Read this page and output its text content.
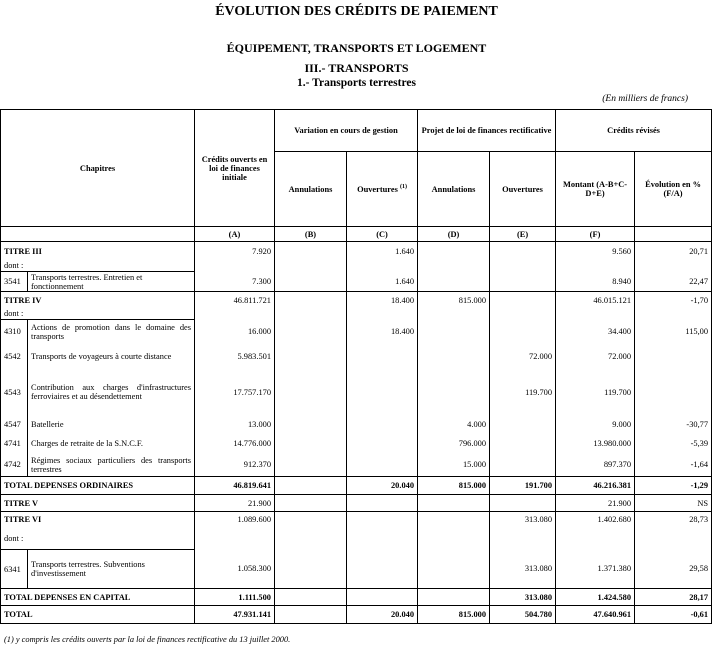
ÉVOLUTION DES CRÉDITS DE PAIEMENT
ÉQUIPEMENT, TRANSPORTS ET LOGEMENT
III.- TRANSPORTS
1.- Transports terrestres
(En milliers de francs)
Chapitres		Crédits ouverts en loi de finances initiale	Variation en cours de gestion		Projet de loi de finances rectificative		Crédits révisés	
			Annulations	Ouvertures $^{(1)}$	Annulations	Ouvertures	Montant (A-B+C-D+E)	Évolution en % (F/A)
		(A)	(B)	(C)	(D)	(E)	(F)	
TITRE III		7.920		1.640			9.560	20,71
dont :								
3541	Transports terrestres. Entretien et fonctionnement	7.300		1.640			8.940	22,47
TITRE IV		46.811.721		18.400	815.000		46.015.121	-1,70
dont :								
4310	Actions de promotion dans le domaine des transports	16.000		18.400			34.400	115,00
4542	Transports de voyageurs à courte distance	5.983.501				72.000	72.000	
4543	Contribution aux charges d'infrastructures ferroviaires et au désendettement	17.757.170				119.700	119.700	
4547	Batellerie	13.000			4.000		9.000	-30,77
4741	Charges de retraite de la S.N.C.F.	14.776.000			796.000		13.980.000	-5,39
4742	Régimes sociaux particuliers des transports terrestres	912.370			15.000		897.370	-1,64
TOTAL DEPENSES ORDINAIRES		46.819.641		20.040	815.000	191.700	46.216.381	-1,29
TITRE V		21.900					21.900	NS
TITRE VI		1.089.600				313.080	1.402.680	28,73
dont :								
6341	Transports terrestres. Subventions d'investissement	1.058.300				313.080	1.371.380	29,58
TOTAL DEPENSES EN CAPITAL		1.111.500				313.080	1.424.580	28,17
TOTAL		47.931.141		20.040	815.000	504.780	47.640.961	-0,61
(1) y compris les crédits ouverts par la loi de finances rectificative du 13 juillet 2000.
